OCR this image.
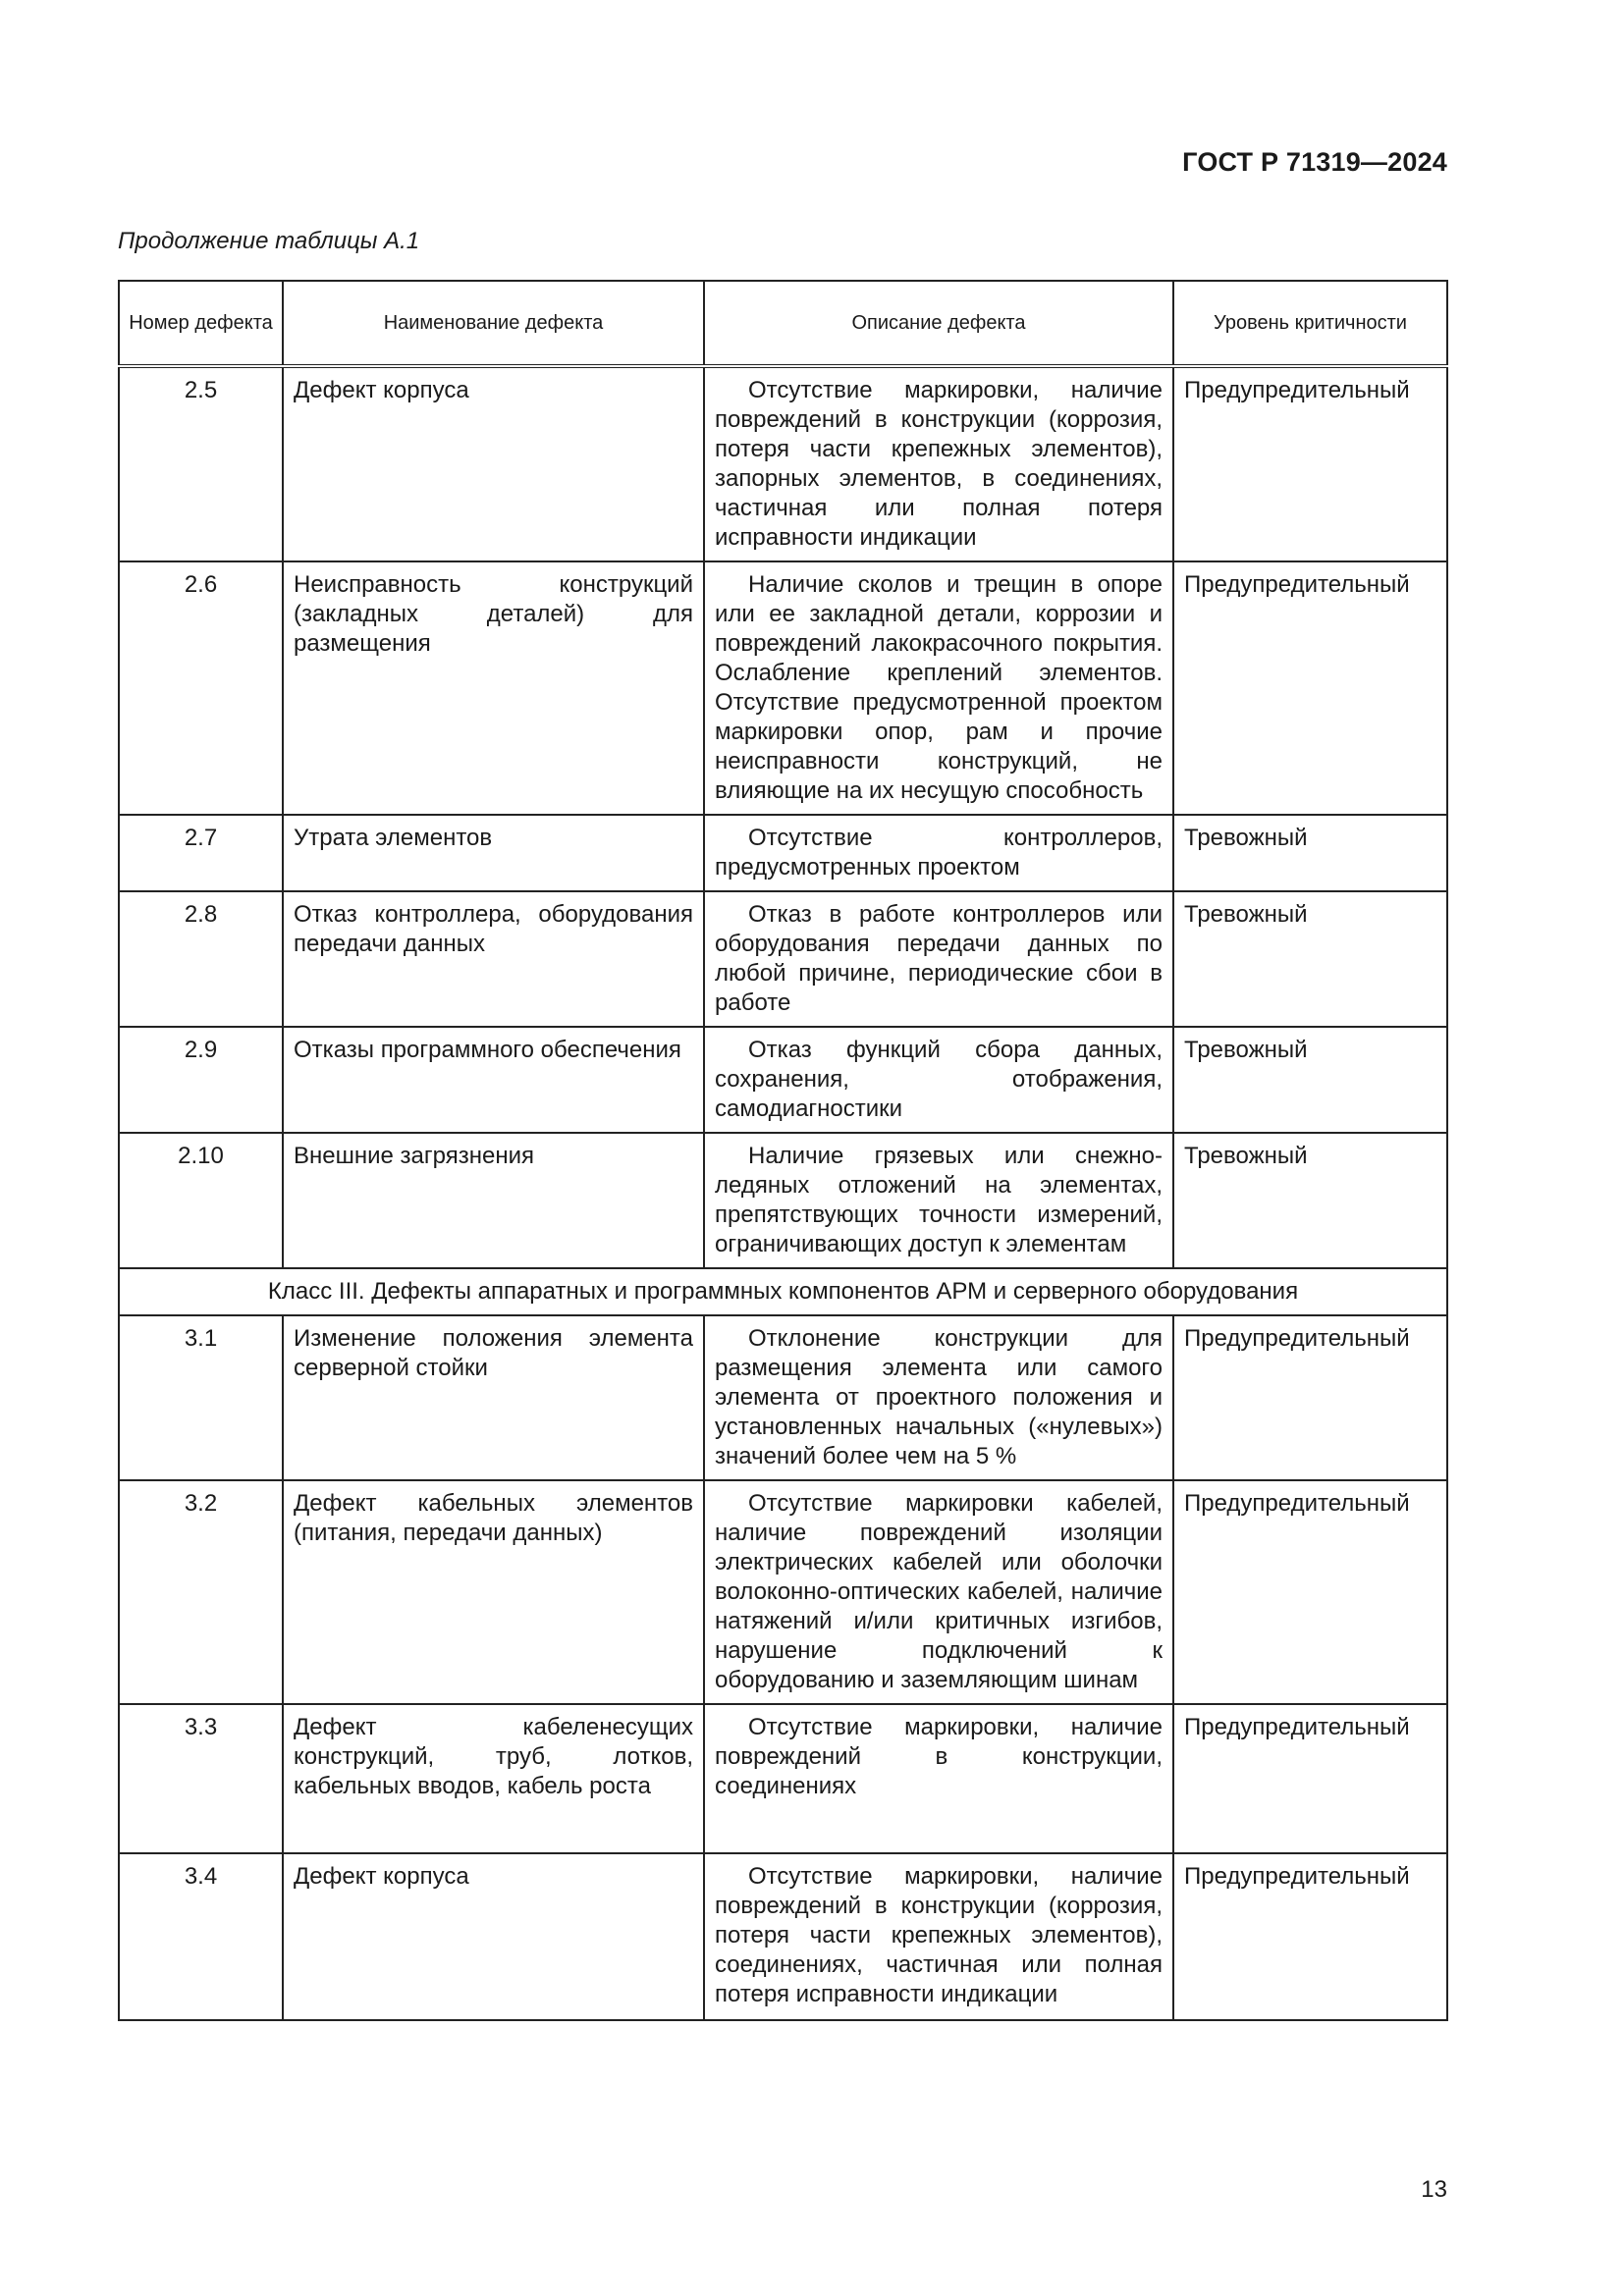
ГОСТ Р 71319—2024
Продолжение таблицы А.1
Номер дефекта	Наименование дефекта	Описание дефекта	Уровень критичности
2.5	Дефект корпуса	Отсутствие маркировки, наличие повреждений в конструкции (коррозия, потеря части крепежных элементов), запорных элементов, в соединениях, частичная или полная потеря исправности индикации	Предупредительный
2.6	Неисправность конструкций (закладных деталей) для размещения	Наличие сколов и трещин в опоре или ее закладной детали, коррозии и повреждений лакокрасочного покрытия. Ослабление креплений элементов. Отсутствие предусмотренной проектом маркировки опор, рам и прочие неисправности конструкций, не влияющие на их несущую способность	Предупредительный
2.7	Утрата элементов	Отсутствие контроллеров, предусмотренных проектом	Тревожный
2.8	Отказ контроллера, оборудования передачи данных	Отказ в работе контроллеров или оборудования передачи данных по любой причине, периодические сбои в работе	Тревожный
2.9	Отказы программного обеспечения	Отказ функций сбора данных, сохранения, отображения, самодиагностики	Тревожный
2.10	Внешние загрязнения	Наличие грязевых или снежно-ледяных отложений на элементах, препятствующих точности измерений, ограничивающих доступ к элементам	Тревожный
Класс III. Дефекты аппаратных и программных компонентов АРМ и серверного оборудования			
3.1	Изменение положения элемента серверной стойки	Отклонение конструкции для размещения элемента или самого элемента от проектного положения и установленных начальных («нулевых») значений более чем на 5 %	Предупредительный
3.2	Дефект кабельных элементов (питания, передачи данных)	Отсутствие маркировки кабелей, наличие повреждений изоляции электрических кабелей или оболочки волоконно-оптических кабелей, наличие натяжений и/или критичных изгибов, нарушение подключений к оборудованию и заземляющим шинам	Предупредительный
3.3	Дефект кабеленесущих конструкций, труб, лотков, кабельных вводов, кабель роста	Отсутствие маркировки, наличие повреждений в конструкции, соединениях	Предупредительный
3.4	Дефект корпуса	Отсутствие маркировки, наличие повреждений в конструкции (коррозия, потеря части крепежных элементов), соединениях, частичная или полная потеря исправности индикации	Предупредительный
13
